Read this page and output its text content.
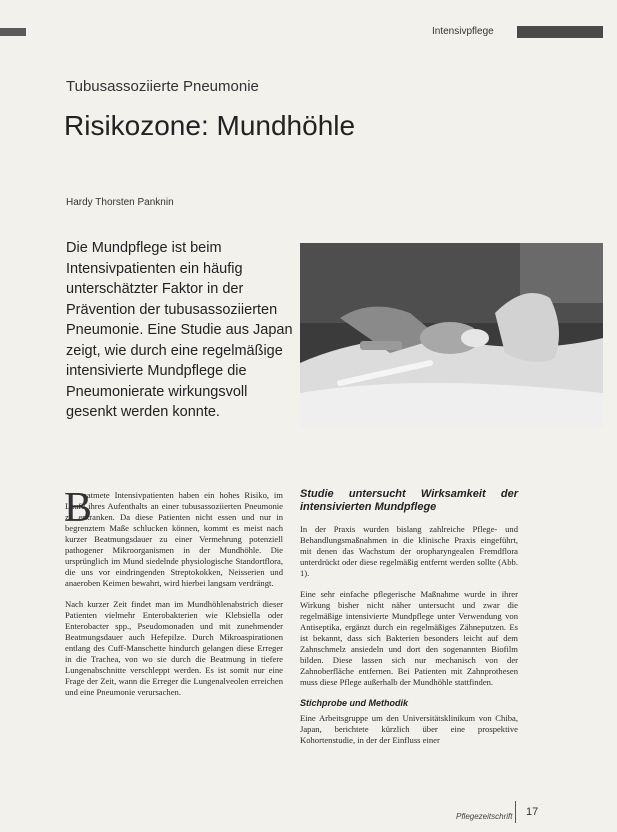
Intensivpflege
Tubusassoziierte Pneumonie
Risikozone: Mundhöhle
Hardy Thorsten Panknin

Die Mundpflege ist beim Intensivpatienten ein häufig unterschätzter Faktor in der Prävention der tubusassoziierten Pneumonie. Eine Studie aus Japan zeigt, wie durch eine regelmäßige intensivierte Mundpflege die Pneumonierate wirkungsvoll gesenkt werden konnte.

Foto: BBL
B

eatmete Intensivpatienten haben ein hohes Risiko, im Laufe ihres Aufenthalts an einer tubusassoziierten Pneumonie zu erkranken. Da diese Patienten nicht essen und nur in begrenztem Maße schlucken können, kommt es meist nach kurzer Beatmungsdauer zu einer Vermehrung potenziell pathogener Mikroorganismen in der Mundhöhle. Die ursprünglich im Mund siedelnde physiologische Standortflora, die uns vor eindringenden Streptokokken, Neisserien und anaeroben Keimen bewahrt, wird hierbei langsam verdrängt.

Nach kurzer Zeit findet man im Mundhöhlenabstrich dieser Patienten vielmehr Enterobakterien wie Klebsiella oder Enterobacter spp., Pseudomonaden und mit zunehmender Beatmungsdauer auch Hefepilze. Durch Mikroaspirationen entlang des Cuff-Manschette hindurch gelangen diese Erreger in die Trachea, von wo sie durch die Beatmung in tiefere Lungenabschnitte verschleppt werden. Es ist somit nur eine Frage der Zeit, wann die Erreger die Lungenalveolen erreichen und eine Pneumonie verursachen.

Studie untersucht Wirksamkeit der intensivierten Mundpflege

In der Praxis wurden bislang zahlreiche Pflege- und Behandlungsmaßnahmen in die klinische Praxis eingeführt, mit denen das Wachstum der oropharyngealen Fremdflora unterdrückt oder diese regelmäßig entfernt werden sollte (Abb. 1).

Eine sehr einfache pflegerische Maßnahme wurde in ihrer Wirkung bisher nicht näher untersucht und zwar die regelmäßige intensivierte Mundpflege unter Verwendung von Antiseptika, ergänzt durch ein regelmäßiges Zähneputzen. Es ist bekannt, dass sich Bakterien besonders leicht auf dem Zahnschmelz ansiedeln und dort den sogenannten Biofilm bilden. Diese lassen sich nur mechanisch von der Zahnoberfläche entfernen. Bei Patienten mit Zahnprothesen muss diese Pflege außerhalb der Mundhöhle stattfinden.

Stichprobe und Methodik

Eine Arbeitsgruppe um den Universitätsklinikum von Chiba, Japan, berichtete kürzlich über eine prospektive Kohortenstudie, in der der Einfluss einer

Pflegezeitschrift 17
